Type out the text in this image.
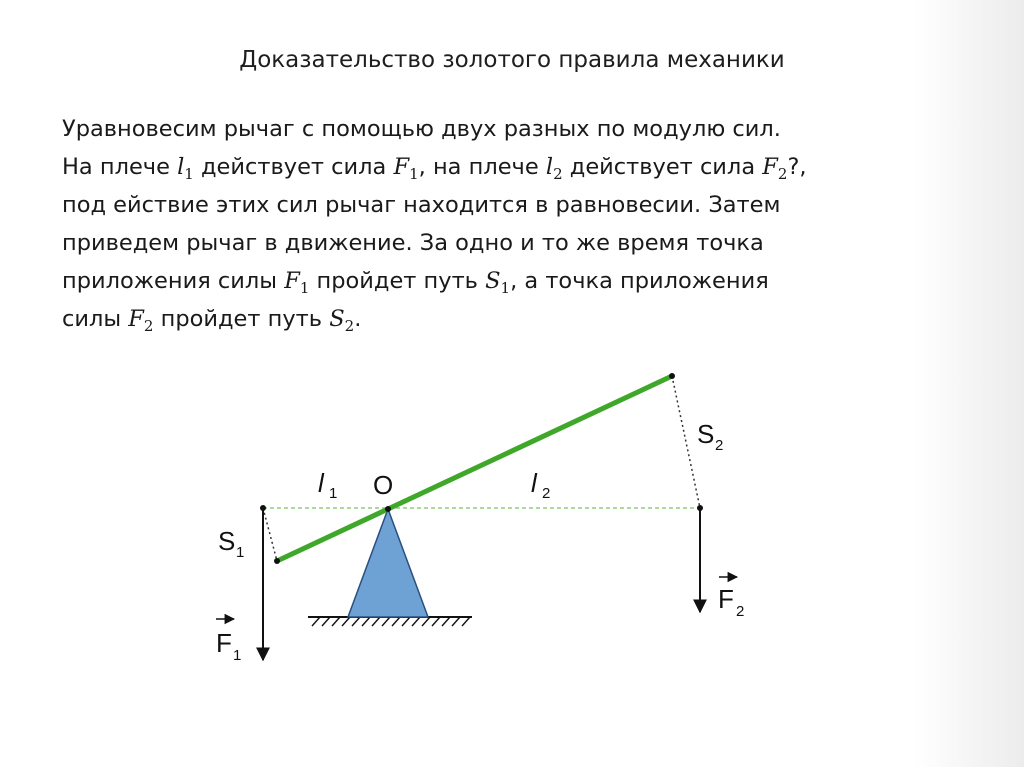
Доказательство золотого правила механики
Уравновесим рычаг с помощью двух разных по модулю сил.
На плече $l_1$ действует сила $F_1$, на плече $l_2$ действует сила $F_2$?,
под ействие этих сил рычаг находится в равновесии. Затем
приведем рычаг в движение. За одно и то же время точка
приложения силы $F_1$ пройдет путь $S_1$, а точка приложения
силы $F_2$ пройдет путь $S_2$.
O
l 1	l 2
S 1
S 2
F 1
F 2
